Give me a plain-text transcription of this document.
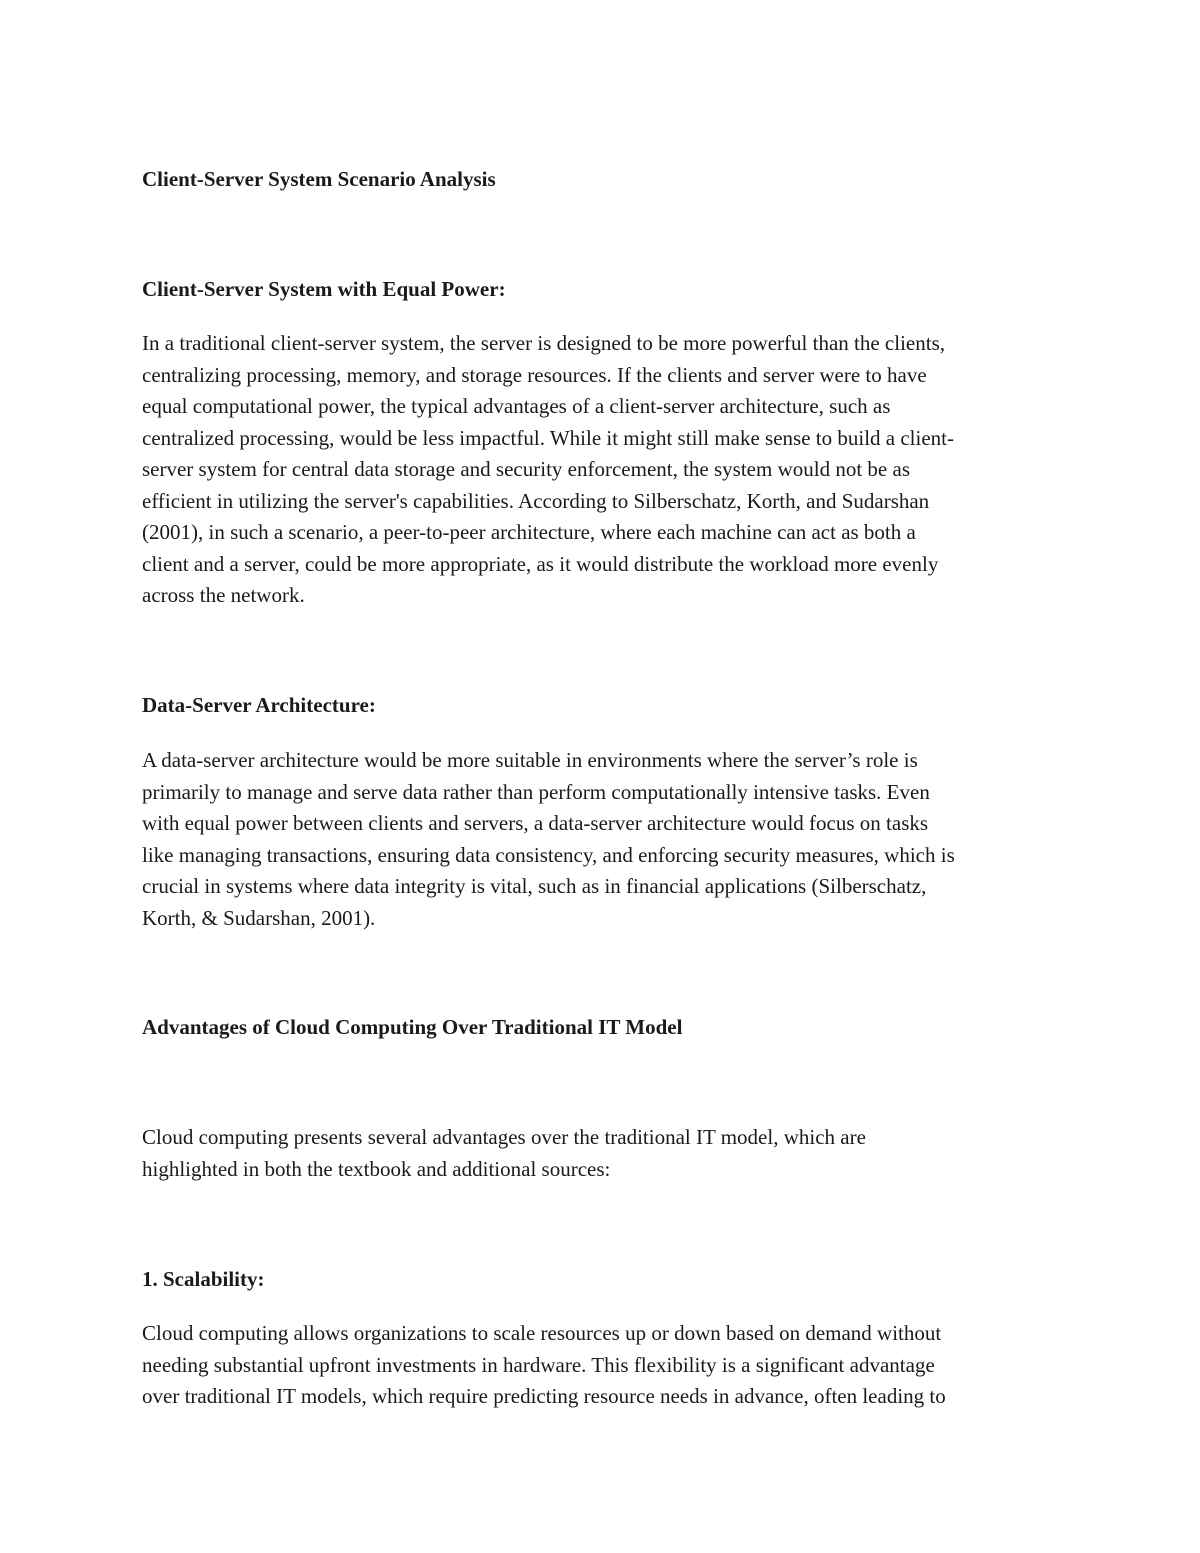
Client-Server System Scenario Analysis
Client-Server System with Equal Power:

In a traditional client-server system, the server is designed to be more powerful than the clients,
centralizing processing, memory, and storage resources. If the clients and server were to have
equal computational power, the typical advantages of a client-server architecture, such as
centralized processing, would be less impactful. While it might still make sense to build a client-
server system for central data storage and security enforcement, the system would not be as
efficient in utilizing the server's capabilities. According to Silberschatz, Korth, and Sudarshan
(2001), in such a scenario, a peer-to-peer architecture, where each machine can act as both a
client and a server, could be more appropriate, as it would distribute the workload more evenly
across the network.

Data-Server Architecture:

A data-server architecture would be more suitable in environments where the server’s role is
primarily to manage and serve data rather than perform computationally intensive tasks. Even
with equal power between clients and servers, a data-server architecture would focus on tasks
like managing transactions, ensuring data consistency, and enforcing security measures, which is
crucial in systems where data integrity is vital, such as in financial applications (Silberschatz,
Korth, & Sudarshan, 2001).

Advantages of Cloud Computing Over Traditional IT Model

Cloud computing presents several advantages over the traditional IT model, which are
highlighted in both the textbook and additional sources:

1. Scalability:

Cloud computing allows organizations to scale resources up or down based on demand without
needing substantial upfront investments in hardware. This flexibility is a significant advantage
over traditional IT models, which require predicting resource needs in advance, often leading to
